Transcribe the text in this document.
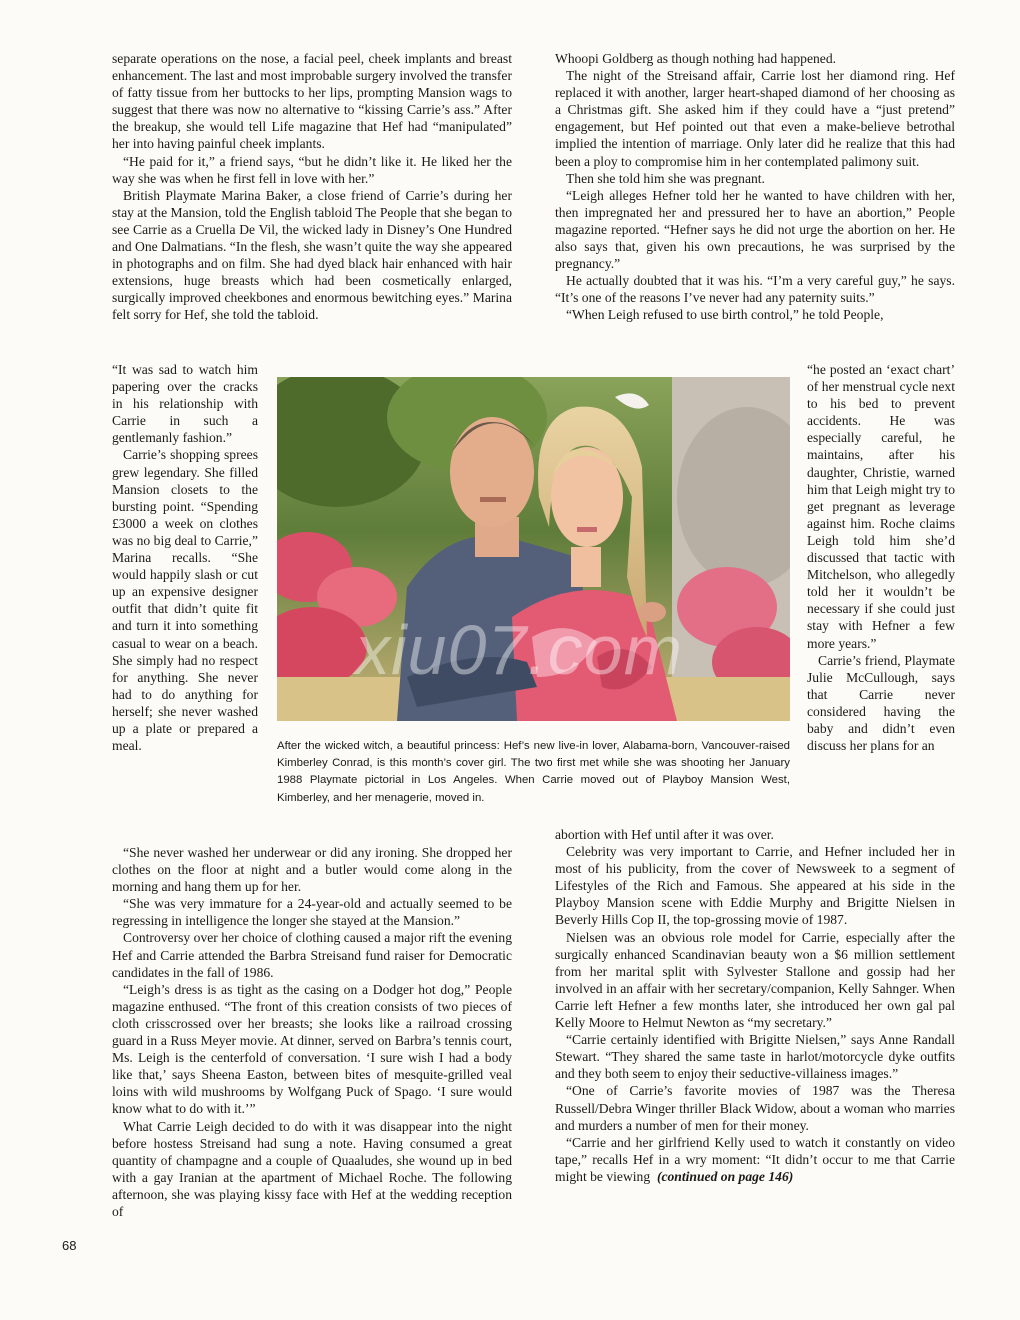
separate operations on the nose, a facial peel, cheek implants and breast enhancement. The last and most improbable surgery involved the transfer of fatty tissue from her buttocks to her lips, prompting Mansion wags to suggest that there was now no alternative to “kissing Carrie’s ass.” After the breakup, she would tell Life magazine that Hef had “manipulated” her into having painful cheek implants.

“He paid for it,” a friend says, “but he didn’t like it. He liked her the way she was when he first fell in love with her.”

British Playmate Marina Baker, a close friend of Carrie’s during her stay at the Mansion, told the English tabloid The People that she began to see Carrie as a Cruella De Vil, the wicked lady in Disney’s One Hundred and One Dalmatians. “In the flesh, she wasn’t quite the way she appeared in photographs and on film. She had dyed black hair enhanced with hair extensions, huge breasts which had been cosmetically enlarged, surgically improved cheekbones and enormous bewitching eyes.” Marina felt sorry for Hef, she told the tabloid.

“It was sad to watch him papering over the cracks in his relationship with Carrie in such a gentlemanly fashion.”

Carrie’s shopping sprees grew legendary. She filled Mansion closets to the bursting point. “Spending £3000 a week on clothes was no big deal to Carrie,” Marina recalls. “She would happily slash or cut up an expensive designer outfit that didn’t quite fit and turn it into something casual to wear on a beach. She simply had no respect for anything. She never had to do anything for herself; she never washed up a plate or prepared a meal.

xiu07.com
After the wicked witch, a beautiful princess: Hef’s new live-in lover, Alabama-born, Vancouver-raised Kimberley Conrad, is this month’s cover girl. The two first met while she was shooting her January 1988 Playmate pictorial in Los Angeles. When Carrie moved out of Playboy Mansion West, Kimberley, and her menagerie, moved in.

Whoopi Goldberg as though nothing had happened.

The night of the Streisand affair, Carrie lost her diamond ring. Hef replaced it with another, larger heart-shaped diamond of her choosing as a Christmas gift. She asked him if they could have a “just pretend” engagement, but Hef pointed out that even a make-believe betrothal implied the intention of marriage. Only later did he realize that this had been a ploy to compromise him in her contemplated palimony suit.

Then she told him she was pregnant.

“Leigh alleges Hefner told her he wanted to have children with her, then impregnated her and pressured her to have an abortion,” People magazine reported. “Hefner says he did not urge the abortion on her. He also says that, given his own precautions, he was surprised by the pregnancy.”

He actually doubted that it was his. “I’m a very careful guy,” he says. “It’s one of the reasons I’ve never had any paternity suits.”

“When Leigh refused to use birth control,” he told People,

“he posted an ‘exact chart’ of her menstrual cycle next to his bed to prevent accidents. He was especially careful, he maintains, after his daughter, Christie, warned him that Leigh might try to get pregnant as leverage against him. Roche claims Leigh told him she’d discussed that tactic with Mitchelson, who allegedly told her it wouldn’t be necessary if she could just stay with Hefner a few more years.”

Carrie’s friend, Playmate Julie McCullough, says that Carrie never considered having the baby and didn’t even discuss her plans for an

“She never washed her underwear or did any ironing. She dropped her clothes on the floor at night and a butler would come along in the morning and hang them up for her.

“She was very immature for a 24-year-old and actually seemed to be regressing in intelligence the longer she stayed at the Mansion.”

Controversy over her choice of clothing caused a major rift the evening Hef and Carrie attended the Barbra Streisand fund raiser for Democratic candidates in the fall of 1986.

“Leigh’s dress is as tight as the casing on a Dodger hot dog,” People magazine enthused. “The front of this creation consists of two pieces of cloth crisscrossed over her breasts; she looks like a railroad crossing guard in a Russ Meyer movie. At dinner, served on Barbra’s tennis court, Ms. Leigh is the centerfold of conversation. ‘I sure wish I had a body like that,’ says Sheena Easton, between bites of mesquite-grilled veal loins with wild mushrooms by Wolfgang Puck of Spago. ‘I sure would know what to do with it.’”

What Carrie Leigh decided to do with it was disappear into the night before hostess Streisand had sung a note. Having consumed a great quantity of champagne and a couple of Quaaludes, she wound up in bed with a gay Iranian at the apartment of Michael Roche. The following afternoon, she was playing kissy face with Hef at the wedding reception of

abortion with Hef until after it was over.

Celebrity was very important to Carrie, and Hefner included her in most of his publicity, from the cover of Newsweek to a segment of Lifestyles of the Rich and Famous. She appeared at his side in the Playboy Mansion scene with Eddie Murphy and Brigitte Nielsen in Beverly Hills Cop II, the top-grossing movie of 1987.

Nielsen was an obvious role model for Carrie, especially after the surgically enhanced Scandinavian beauty won a $6 million settlement from her marital split with Sylvester Stallone and gossip had her involved in an affair with her secretary/companion, Kelly Sahnger. When Carrie left Hefner a few months later, she introduced her own gal pal Kelly Moore to Helmut Newton as “my secretary.”

“Carrie certainly identified with Brigitte Nielsen,” says Anne Randall Stewart. “They shared the same taste in harlot/motorcycle dyke outfits and they both seem to enjoy their seductive-villainess images.”

“One of Carrie’s favorite movies of 1987 was the Theresa Russell/Debra Winger thriller Black Widow, about a woman who marries and murders a number of men for their money.

“Carrie and her girlfriend Kelly used to watch it constantly on video tape,” recalls Hef in a wry moment: “It didn’t occur to me that Carrie might be viewing (continued on page 146)

68
